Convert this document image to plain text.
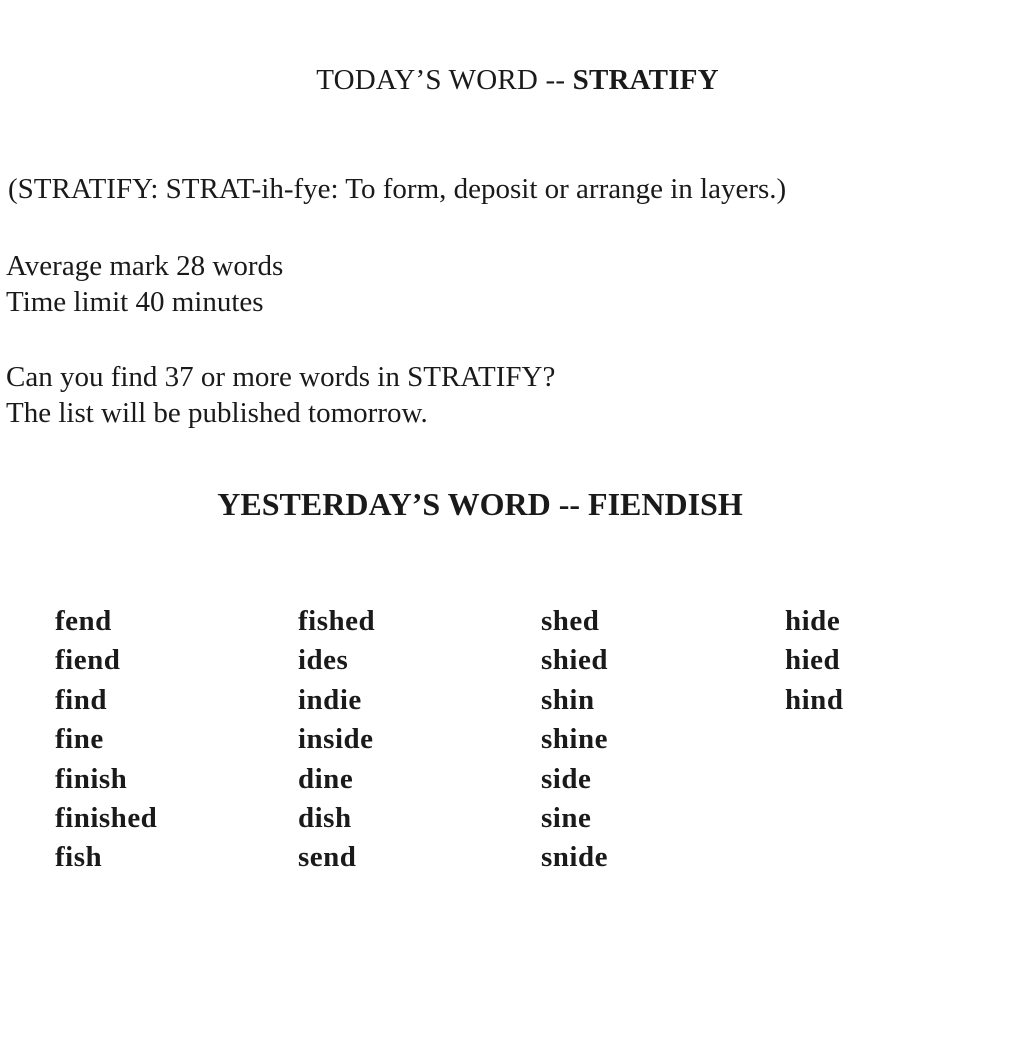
TODAY’S WORD -- STRATIFY
(STRATIFY: STRAT-ih-fye: To form, deposit or arrange in layers.)
Average mark 28 words
Time limit 40 minutes
Can you find 37 or more words in STRATIFY?
The list will be published tomorrow.
YESTERDAY’S WORD -- FIENDISH
fend
fiend
find
fine
finish
finished
fish
fished
ides
indie
inside
dine
dish
send
shed
shied
shin
shine
side
sine
snide
hide
hied
hind
